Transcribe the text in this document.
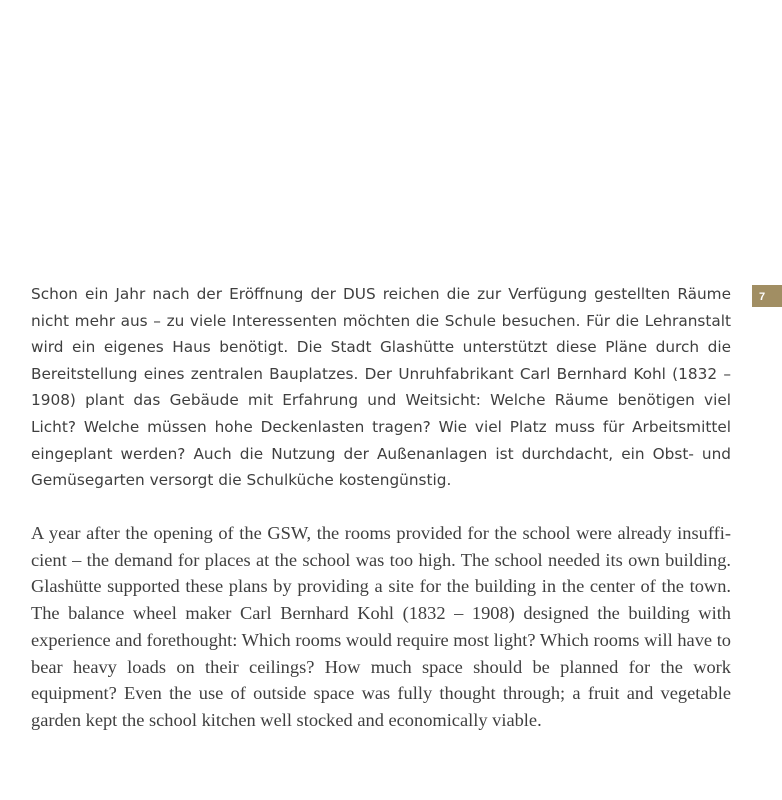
7

Schon ein Jahr nach der Eröffnung der DUS reichen die zur Verfügung gestellten Räume nicht mehr aus – zu viele Interessenten möchten die Schule besuchen. Für die Lehranstalt wird ein eigenes Haus benötigt. Die Stadt Glashütte unterstützt diese Pläne durch die Bereitstellung eines zentralen Bauplatzes. Der Unruhfabrikant Carl Bernhard Kohl (1832 – 1908) plant das Gebäude mit Erfahrung und Weitsicht: Welche Räume benötigen viel Licht? Welche müssen hohe Deckenlasten tragen? Wie viel Platz muss für Arbeitsmittel eingeplant werden? Auch die Nutzung der Außenanlagen ist durchdacht, ein Obst- und Gemüsegarten versorgt die Schulküche kostengünstig.

A year after the opening of the GSW, the rooms provided for the school were already insufficient – the demand for places at the school was too high. The school needed its own building. Glashütte supported these plans by providing a site for the building in the center of the town. The balance wheel maker Carl Bernhard Kohl (1832 – 1908) designed the building with experience and forethought: Which rooms would require most light? Which rooms will have to bear heavy loads on their ceilings? How much space should be planned for the work equipment? Even the use of outside space was fully thought through; a fruit and vegetable garden kept the school kitchen well stocked and economically viable.
